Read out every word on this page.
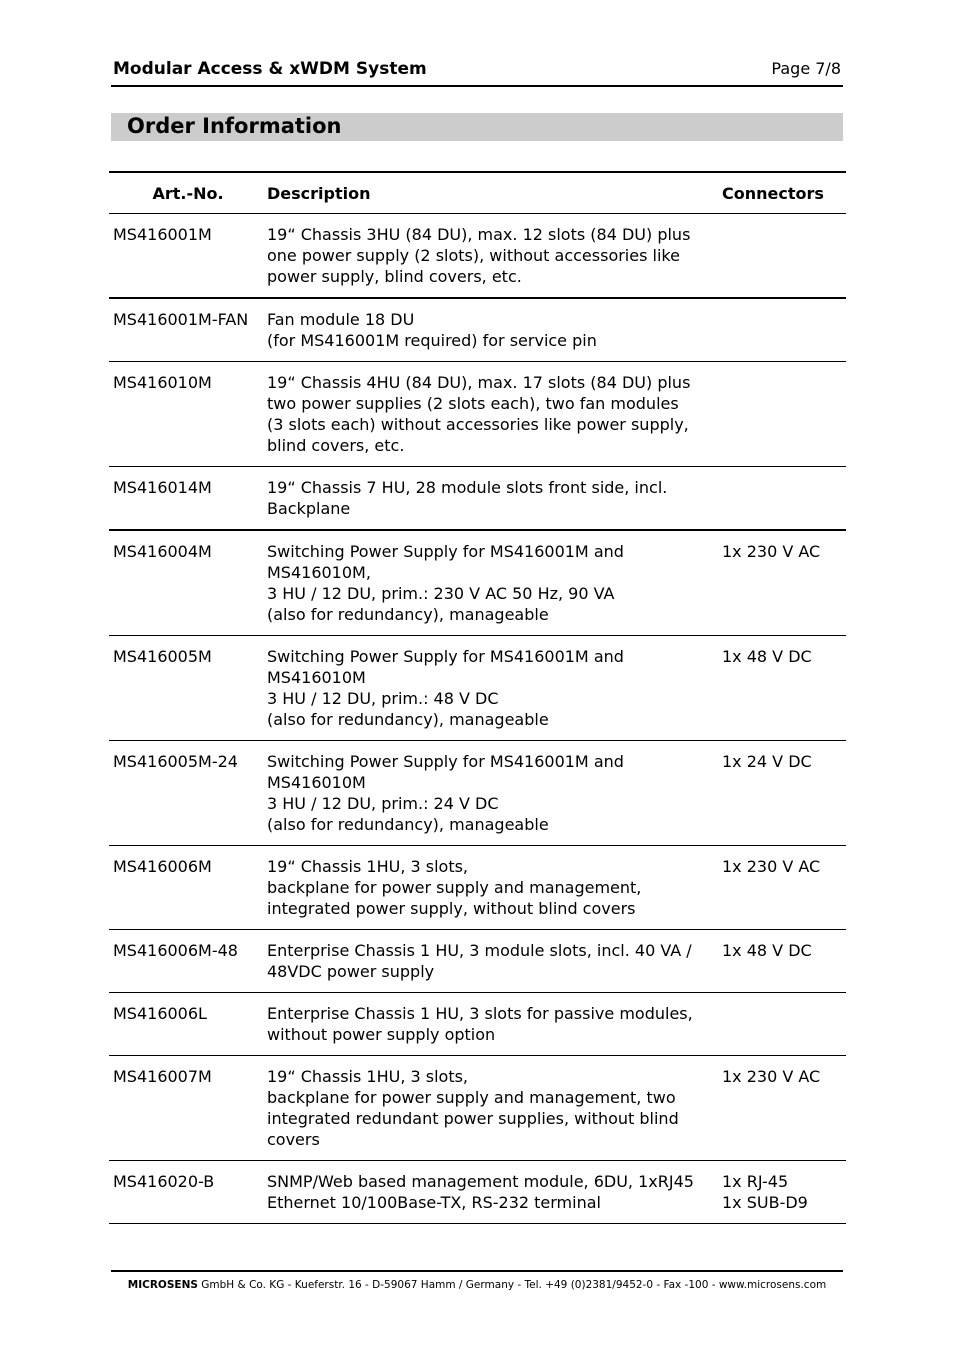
Modular Access & xWDM System	Page 7/8
Order Information
Art.-No.	Description	Connectors
MS416001M	19“ Chassis 3HU (84 DU), max. 12 slots (84 DU) plus
one power supply (2 slots), without accessories like
power supply, blind covers, etc.	
MS416001M-FAN	Fan module 18 DU
(for MS416001M required) for service pin	
MS416010M	19“ Chassis 4HU (84 DU), max. 17 slots (84 DU) plus
two power supplies (2 slots each), two fan modules
(3 slots each) without accessories like power supply,
blind covers, etc.	
MS416014M	19“ Chassis 7 HU, 28 module slots front side, incl.
Backplane	
MS416004M	Switching Power Supply for MS416001M and
MS416010M,
3 HU / 12 DU, prim.: 230 V AC 50 Hz, 90 VA
(also for redundancy), manageable	1x 230 V AC
MS416005M	Switching Power Supply for MS416001M and
MS416010M
3 HU / 12 DU, prim.: 48 V DC
(also for redundancy), manageable	1x 48 V DC
MS416005M-24	Switching Power Supply for MS416001M and
MS416010M
3 HU / 12 DU, prim.: 24 V DC
(also for redundancy), manageable	1x 24 V DC
MS416006M	19“ Chassis 1HU, 3 slots,
backplane for power supply and management,
integrated power supply, without blind covers	1x 230 V AC
MS416006M-48	Enterprise Chassis 1 HU, 3 module slots, incl. 40 VA /
48VDC power supply	1x 48 V DC
MS416006L	Enterprise Chassis 1 HU, 3 slots for passive modules,
without power supply option	
MS416007M	19“ Chassis 1HU, 3 slots,
backplane for power supply and management, two
integrated redundant power supplies, without blind
covers	1x 230 V AC
MS416020-B	SNMP/Web based management module, 6DU, 1xRJ45
Ethernet 10/100Base-TX, RS-232 terminal	1x RJ-45
1x SUB-D9
MICROSENS GmbH & Co. KG - Kueferstr. 16 - D-59067 Hamm / Germany - Tel. +49 (0)2381/9452-0 - Fax -100 - www.microsens.com
